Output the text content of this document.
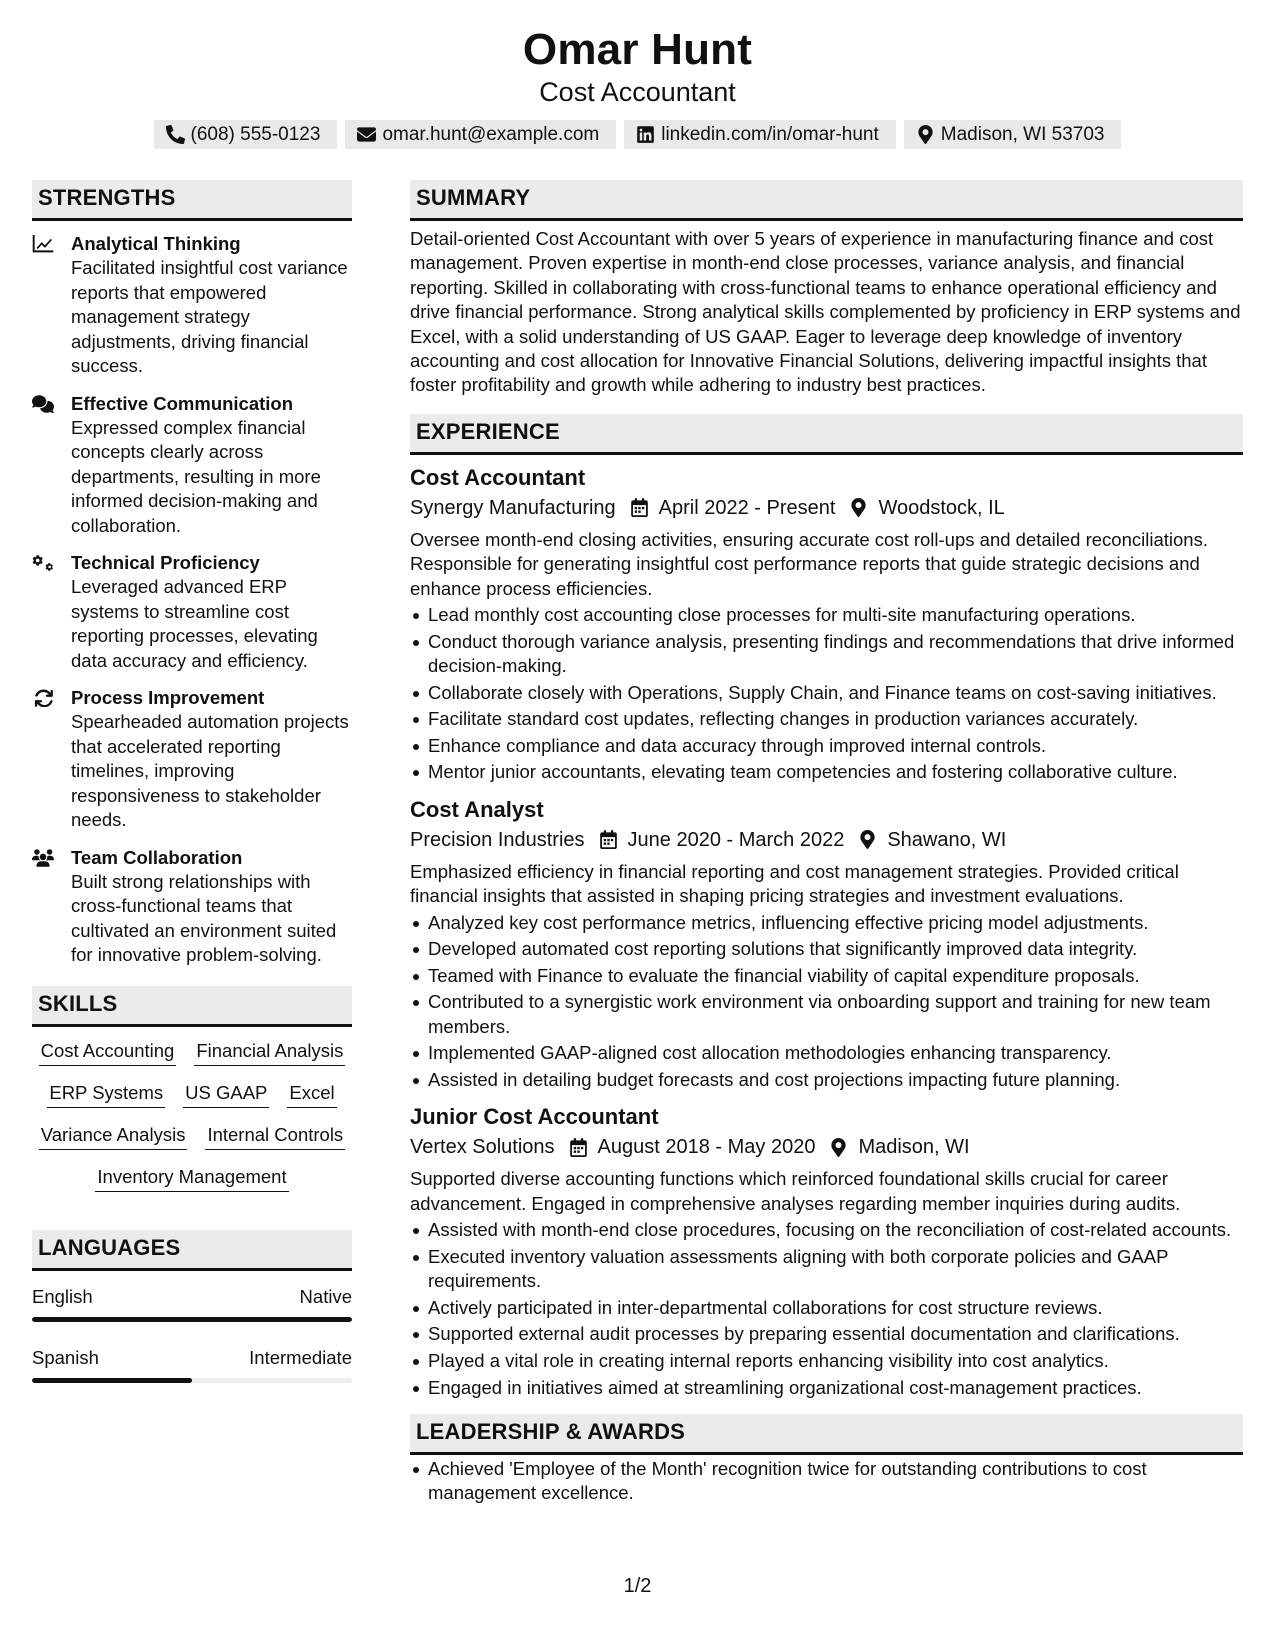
Omar Hunt
Cost Accountant
(608) 555-0123	omar.hunt@example.com	linkedin.com/in/omar-hunt	Madison, WI 53703
STRENGTHS
Analytical Thinking
Facilitated insightful cost variance reports that empowered management strategy adjustments, driving financial success.
Effective Communication
Expressed complex financial concepts clearly across departments, resulting in more informed decision-making and collaboration.
Technical Proficiency
Leveraged advanced ERP systems to streamline cost reporting processes, elevating data accuracy and efficiency.
Process Improvement
Spearheaded automation projects that accelerated reporting timelines, improving responsiveness to stakeholder needs.
Team Collaboration
Built strong relationships with cross-functional teams that cultivated an environment suited for innovative problem-solving.
SKILLS
Cost Accounting Financial Analysis
ERP Systems US GAAP Excel
Variance Analysis Internal Controls
Inventory Management
LANGUAGES
English	Native
Spanish	Intermediate
SUMMARY
Detail-oriented Cost Accountant with over 5 years of experience in manufacturing finance and cost management. Proven expertise in month-end close processes, variance analysis, and financial reporting. Skilled in collaborating with cross-functional teams to enhance operational efficiency and drive financial performance. Strong analytical skills complemented by proficiency in ERP systems and Excel, with a solid understanding of US GAAP. Eager to leverage deep knowledge of inventory accounting and cost allocation for Innovative Financial Solutions, delivering impactful insights that foster profitability and growth while adhering to industry best practices.
EXPERIENCE
Cost Accountant
Synergy Manufacturing April 2022 - Present Woodstock, IL
Oversee month-end closing activities, ensuring accurate cost roll-ups and detailed reconciliations. Responsible for generating insightful cost performance reports that guide strategic decisions and enhance process efficiencies.
Lead monthly cost accounting close processes for multi-site manufacturing operations.
Conduct thorough variance analysis, presenting findings and recommendations that drive informed decision-making.
Collaborate closely with Operations, Supply Chain, and Finance teams on cost-saving initiatives.
Facilitate standard cost updates, reflecting changes in production variances accurately.
Enhance compliance and data accuracy through improved internal controls.
Mentor junior accountants, elevating team competencies and fostering collaborative culture.
Cost Analyst
Precision Industries June 2020 - March 2022 Shawano, WI
Emphasized efficiency in financial reporting and cost management strategies. Provided critical financial insights that assisted in shaping pricing strategies and investment evaluations.
Analyzed key cost performance metrics, influencing effective pricing model adjustments.
Developed automated cost reporting solutions that significantly improved data integrity.
Teamed with Finance to evaluate the financial viability of capital expenditure proposals.
Contributed to a synergistic work environment via onboarding support and training for new team members.
Implemented GAAP-aligned cost allocation methodologies enhancing transparency.
Assisted in detailing budget forecasts and cost projections impacting future planning.
Junior Cost Accountant
Vertex Solutions August 2018 - May 2020 Madison, WI
Supported diverse accounting functions which reinforced foundational skills crucial for career advancement. Engaged in comprehensive analyses regarding member inquiries during audits.
Assisted with month-end close procedures, focusing on the reconciliation of cost-related accounts.
Executed inventory valuation assessments aligning with both corporate policies and GAAP requirements.
Actively participated in inter-departmental collaborations for cost structure reviews.
Supported external audit processes by preparing essential documentation and clarifications.
Played a vital role in creating internal reports enhancing visibility into cost analytics.
Engaged in initiatives aimed at streamlining organizational cost-management practices.
LEADERSHIP & AWARDS
Achieved 'Employee of the Month' recognition twice for outstanding contributions to cost management excellence.
1/2
